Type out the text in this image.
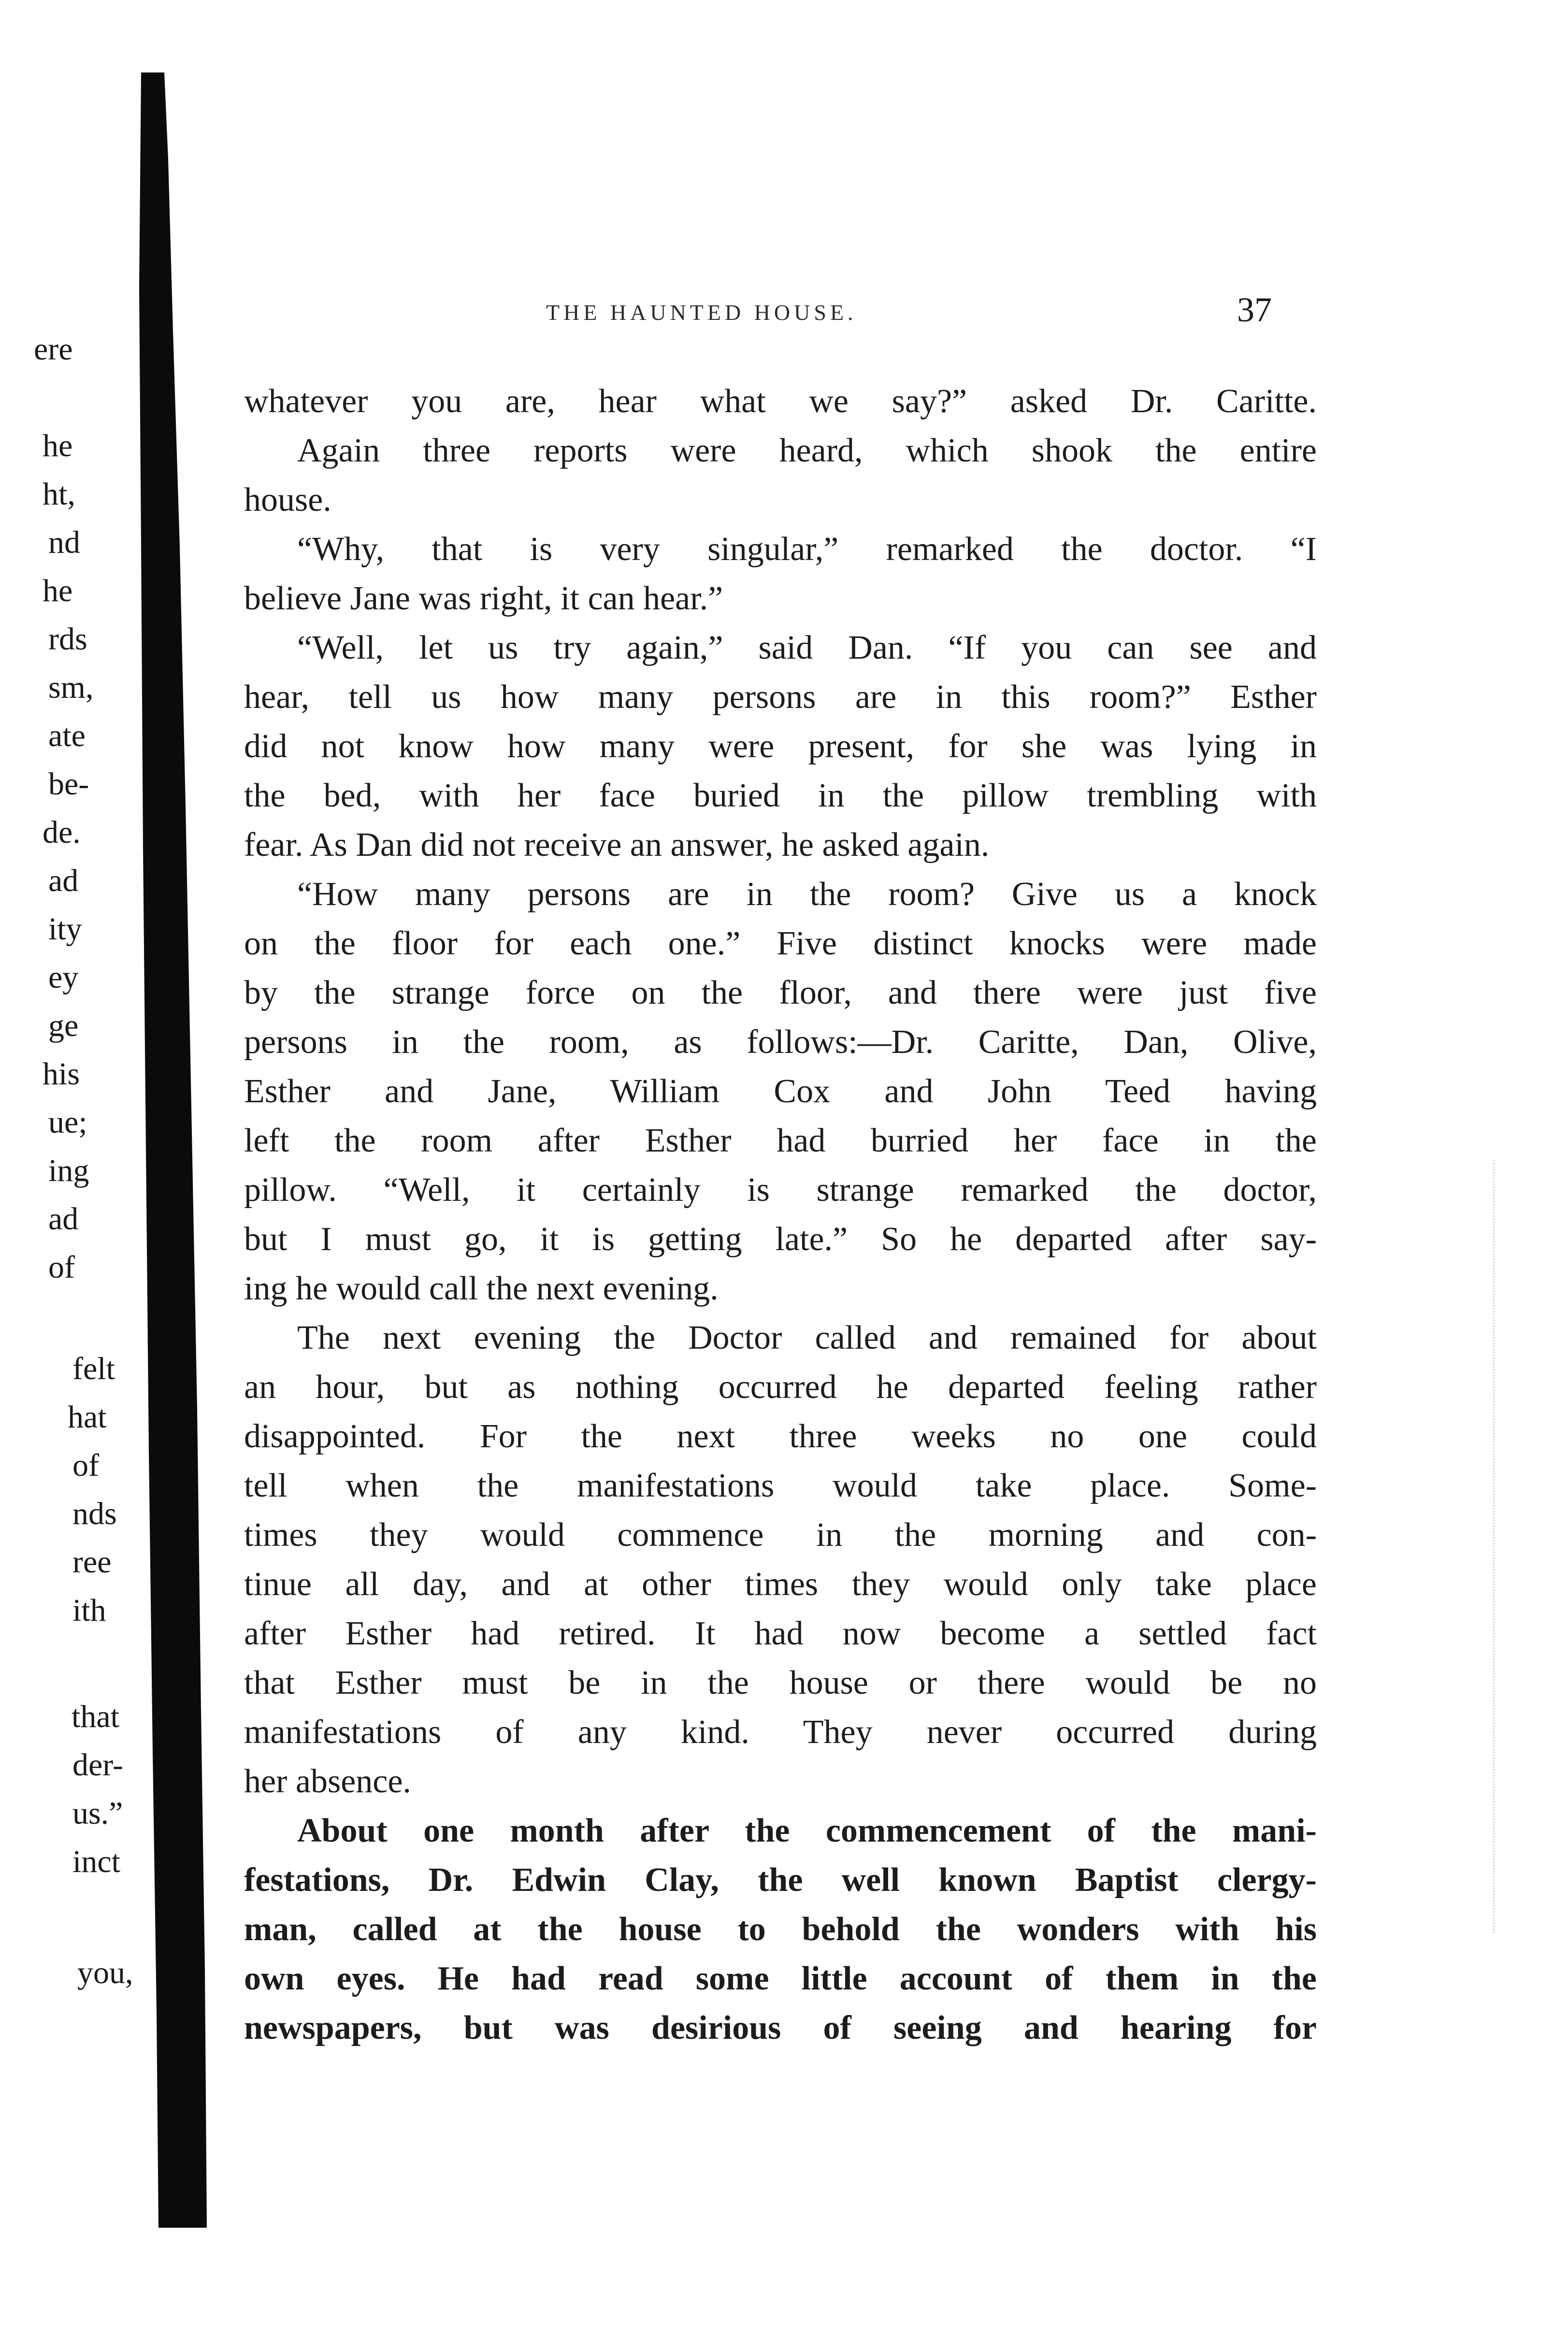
ere
he
ht,
nd
he
rds
sm,
ate
be-
de.
ad
ity
ey
ge
his
ue;
ing
ad
of
felt
hat
of
nds
ree
ith
that
der-
us.”
inct
you,
THE HAUNTED HOUSE.	37
whatever you are, hear what we say?” asked Dr. Caritte.
Again three reports were heard, which shook the entire
house.
“Why, that is very singular,” remarked the doctor. “I
believe Jane was right, it can hear.”
“Well, let us try again,” said Dan. “If you can see and
hear, tell us how many persons are in this room?” Esther
did not know how many were present, for she was lying in
the bed, with her face buried in the pillow trembling with
fear. As Dan did not receive an answer, he asked again.
“How many persons are in the room? Give us a knock
on the floor for each one.” Five distinct knocks were made
by the strange force on the floor, and there were just five
persons in the room, as follows:—Dr. Caritte, Dan, Olive,
Esther and Jane, William Cox and John Teed having
left the room after Esther had burried her face in the
pillow. “Well, it certainly is strange remarked the doctor,
but I must go, it is getting late.” So he departed after say-
ing he would call the next evening.
The next evening the Doctor called and remained for about
an hour, but as nothing occurred he departed feeling rather
disappointed. For the next three weeks no one could
tell when the manifestations would take place. Some-
times they would commence in the morning and con-
tinue all day, and at other times they would only take place
after Esther had retired. It had now become a settled fact
that Esther must be in the house or there would be no
manifestations of any kind. They never occurred during
her absence.
About one month after the commencement of the mani-
festations, Dr. Edwin Clay, the well known Baptist clergy-
man, called at the house to behold the wonders with his
own eyes. He had read some little account of them in the
newspapers, but was desirious of seeing and hearing for
